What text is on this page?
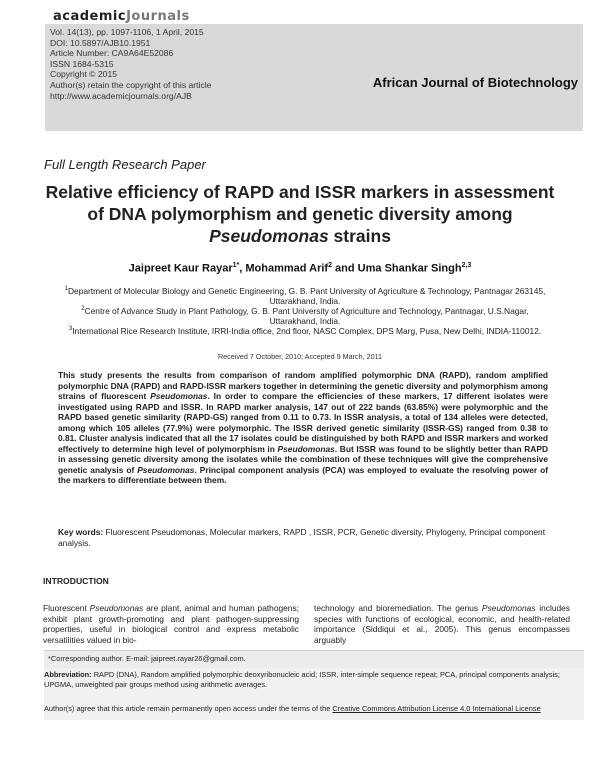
academicJournals
Vol. 14(13), pp. 1097-1106, 1 April, 2015
DOI: 10.5897/AJB10.1951
Article Number: CA9A64E52086
ISSN 1684-5315
Copyright © 2015
Author(s) retain the copyright of this article
http://www.academicjournals.org/AJB
African Journal of Biotechnology
Full Length Research Paper
Relative efficiency of RAPD and ISSR markers in assessment of DNA polymorphism and genetic diversity among Pseudomonas strains
Jaipreet Kaur Rayar$^{1*}$, Mohammad Arif$^2$ and Uma Shankar Singh$^{2,3}$
$^1$Department of Molecular Biology and Genetic Engineering, G. B. Pant University of Agriculture & Technology, Pantnagar 263145, Uttarakhand, India.
$^2$Centre of Advance Study in Plant Pathology, G. B. Pant University of Agriculture and Technology, Pantnagar, U.S.Nagar, Uttarakhand, India.
$^3$International Rice Research Institute, IRRI-India office, 2nd floor, NASC Complex, DPS Marg, Pusa, New Delhi, INDIA-110012.
Received 7 October, 2010; Accepted 9 March, 2011
This study presents the results from comparison of random amplified polymorphic DNA (RAPD), random amplified polymorphic DNA (RAPD) and RAPD-ISSR markers together in determining the genetic diversity and polymorphism among strains of fluorescent Pseudomonas. In order to compare the efficiencies of these markers, 17 different isolates were investigated using RAPD and ISSR. In RAPD marker analysis, 147 out of 222 bands (63.85%) were polymorphic and the RAPD based genetic similarity (RAPD-GS) ranged from 0.11 to 0.73. In ISSR analysis, a total of 134 alleles were detected, among which 105 alleles (77.9%) were polymorphic. The ISSR derived genetic similarity (ISSR-GS) ranged from 0.38 to 0.81. Cluster analysis indicated that all the 17 isolates could be distinguished by both RAPD and ISSR markers and worked effectively to determine high level of polymorphism in Pseudomonas. But ISSR was found to be slightly better than RAPD in assessing genetic diversity among the isolates while the combination of these techniques will give the comprehensive genetic analysis of Pseudomonas. Principal component analysis (PCA) was employed to evaluate the resolving power of the markers to differentiate between them.
Key words: Fluorescent Pseudomonas, Molecular markers, RAPD , ISSR, PCR, Genetic diversity, Phylogeny, Principal component analysis.
INTRODUCTION
Fluorescent Pseudomonas are plant, animal and human pathogens; exhibit plant growth-promoting and plant pathogen-suppressing properties, useful in biological control and express metabolic versatilities valued in bio-
technology and bioremediation. The genus Pseudomonas includes species with functions of ecological, economic, and health-related importance (Siddiqui et al., 2005). This genus encompasses arguably
*Corresponding author. E-mail: jaipreet.rayar26@gmail.com.
Abbreviation: RAPD (DNA), Random amplified polymorphic deoxyribonucleic acid; ISSR, inter-simple sequence repeat; PCA, principal components analysis; UPGMA, unweighted pair groups method using arithmetic averages.
Author(s) agree that this article remain permanently open access under the terms of the Creative Commons Attribution License 4.0 International License
